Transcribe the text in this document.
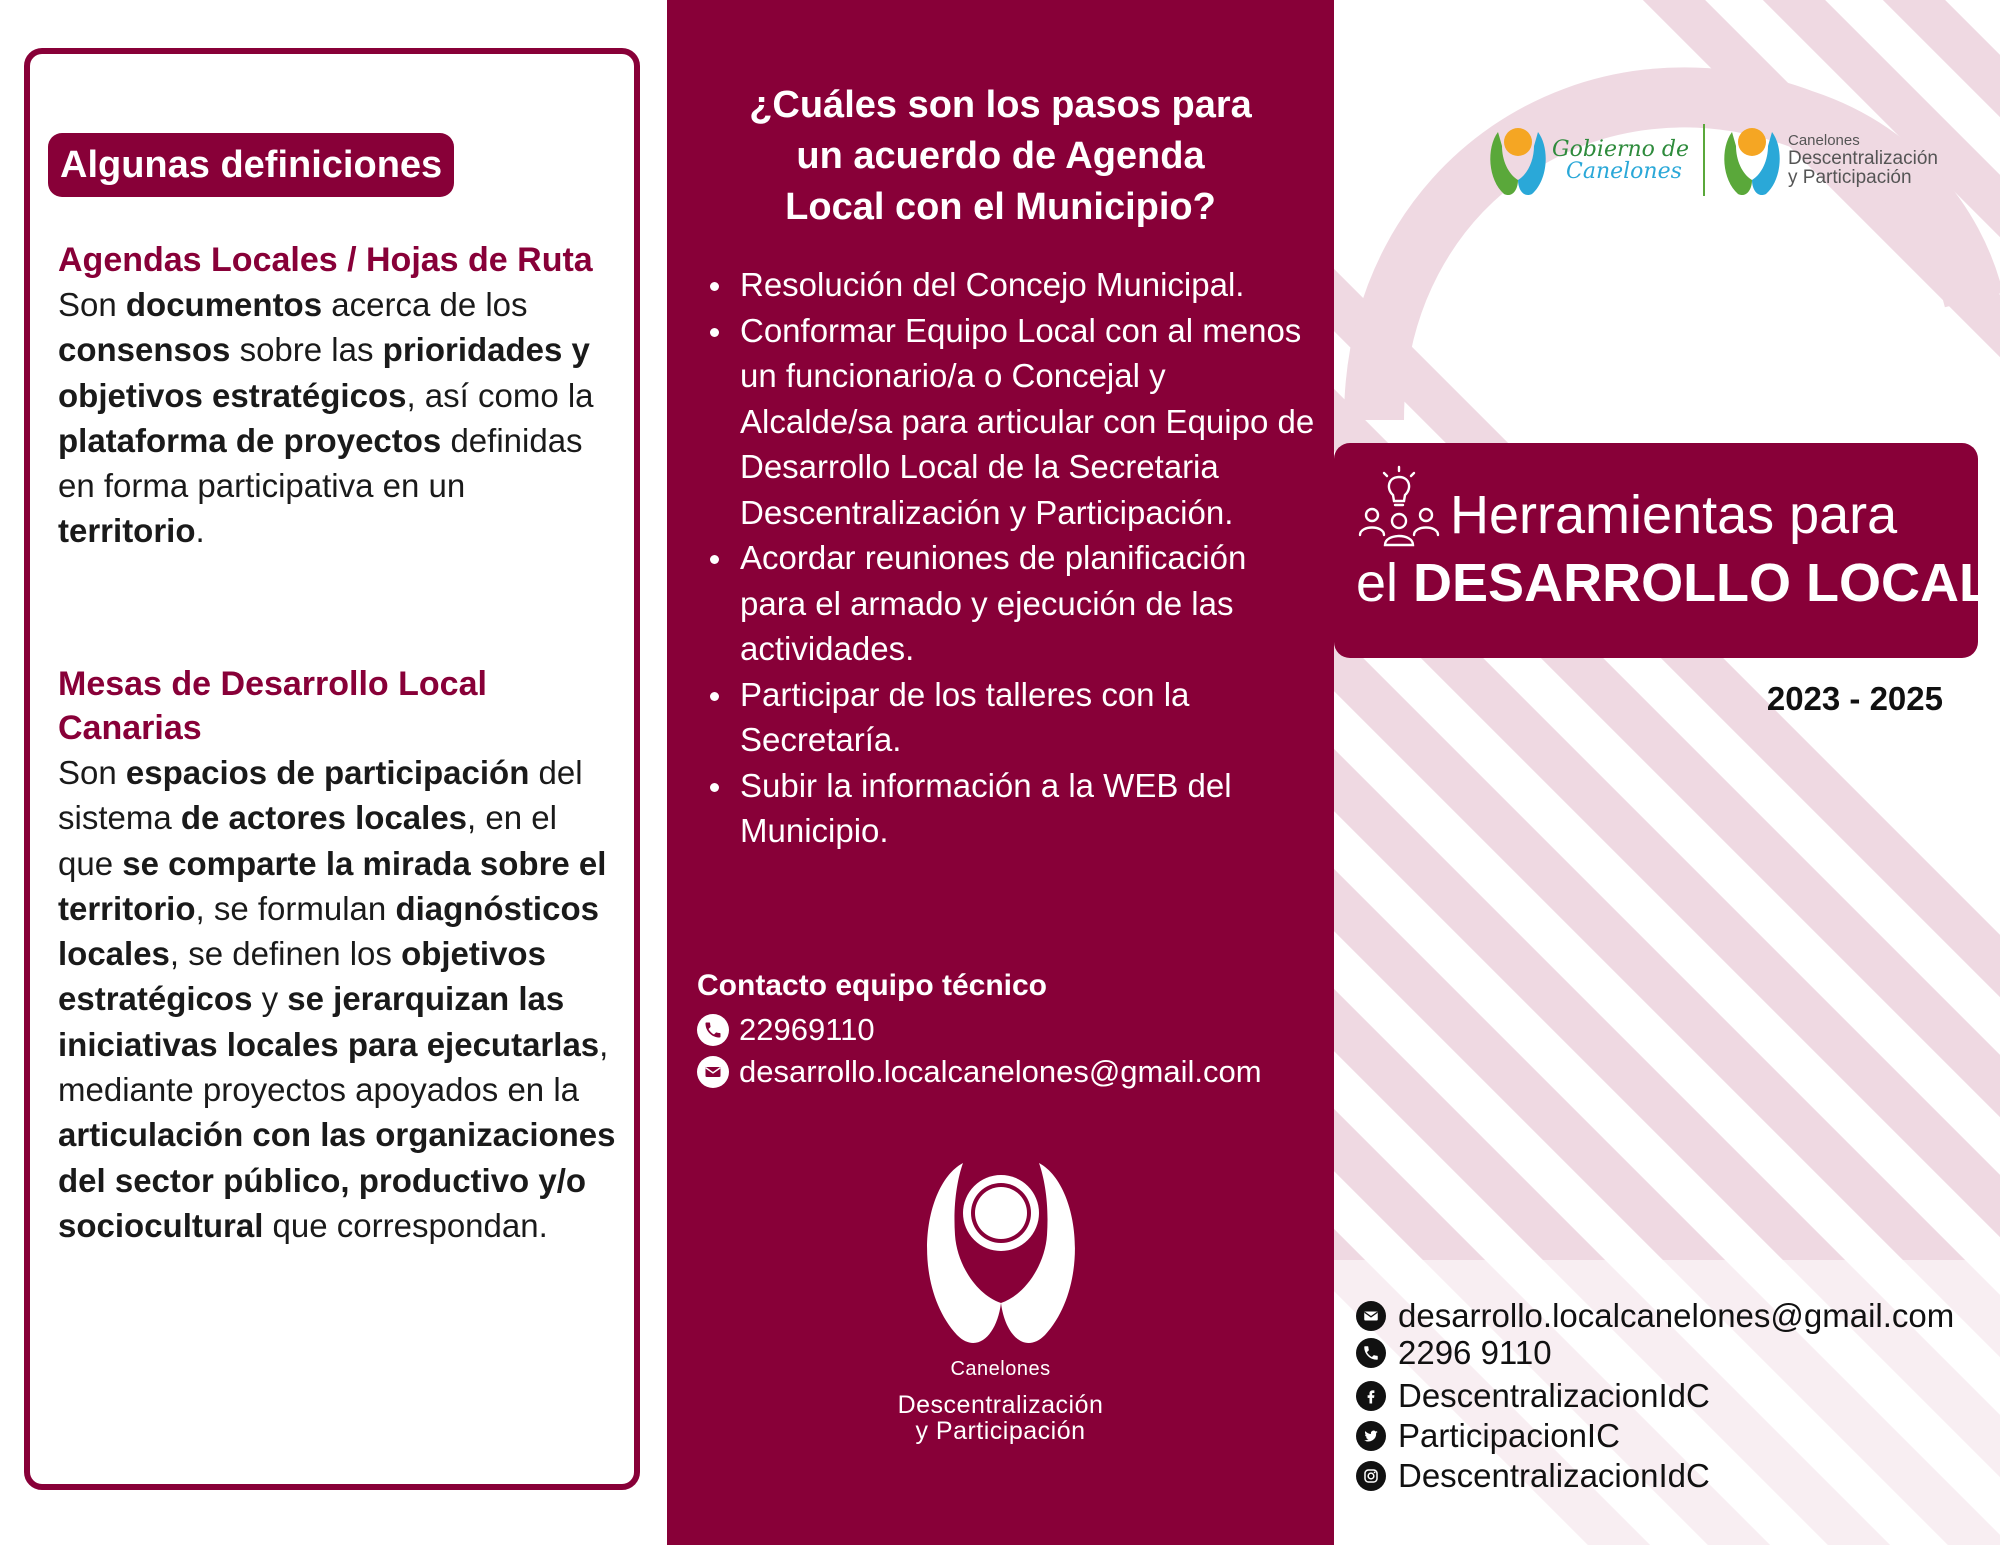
Algunas definiciones
Agendas Locales / Hojas de Ruta

Son documentos acerca de los consensos sobre las prioridades y objetivos estratégicos, así como la plataforma de proyectos definidas en forma participativa en un territorio.

Mesas de Desarrollo Local Canarias

Son espacios de participación del sistema de actores locales, en el que se comparte la mirada sobre el territorio, se formulan diagnósticos locales, se definen los objetivos estratégicos y se jerarquizan las iniciativas locales para ejecutarlas, mediante proyectos apoyados en la articulación con las organizaciones del sector público, productivo y/o sociocultural que correspondan.

¿Cuáles son los pasos para
un acuerdo de Agenda
Local con el Municipio?
Resolución del Concejo Municipal.
Conformar Equipo Local con al menos un funcionario/a o Concejal y Alcalde/sa para articular con Equipo de Desarrollo Local de la Secretaria Descentralización y Participación.
Acordar reuniones de planificación para el armado y ejecución de las actividades.
Participar de los talleres con la Secretaría.
Subir la información a la WEB del Municipio.
Contacto equipo técnico
22969110
desarrollo.localcanelones@gmail.com
Canelones
Descentralización
y Participación
Gobierno de
Canelones
Canelones
Descentralización
y Participación
Herramientas para
el DESARROLLO LOCAL
2023 - 2025
desarrollo.localcanelones@gmail.com
2296 9110
DescentralizacionIdC
ParticipacionIC
DescentralizacionIdC
